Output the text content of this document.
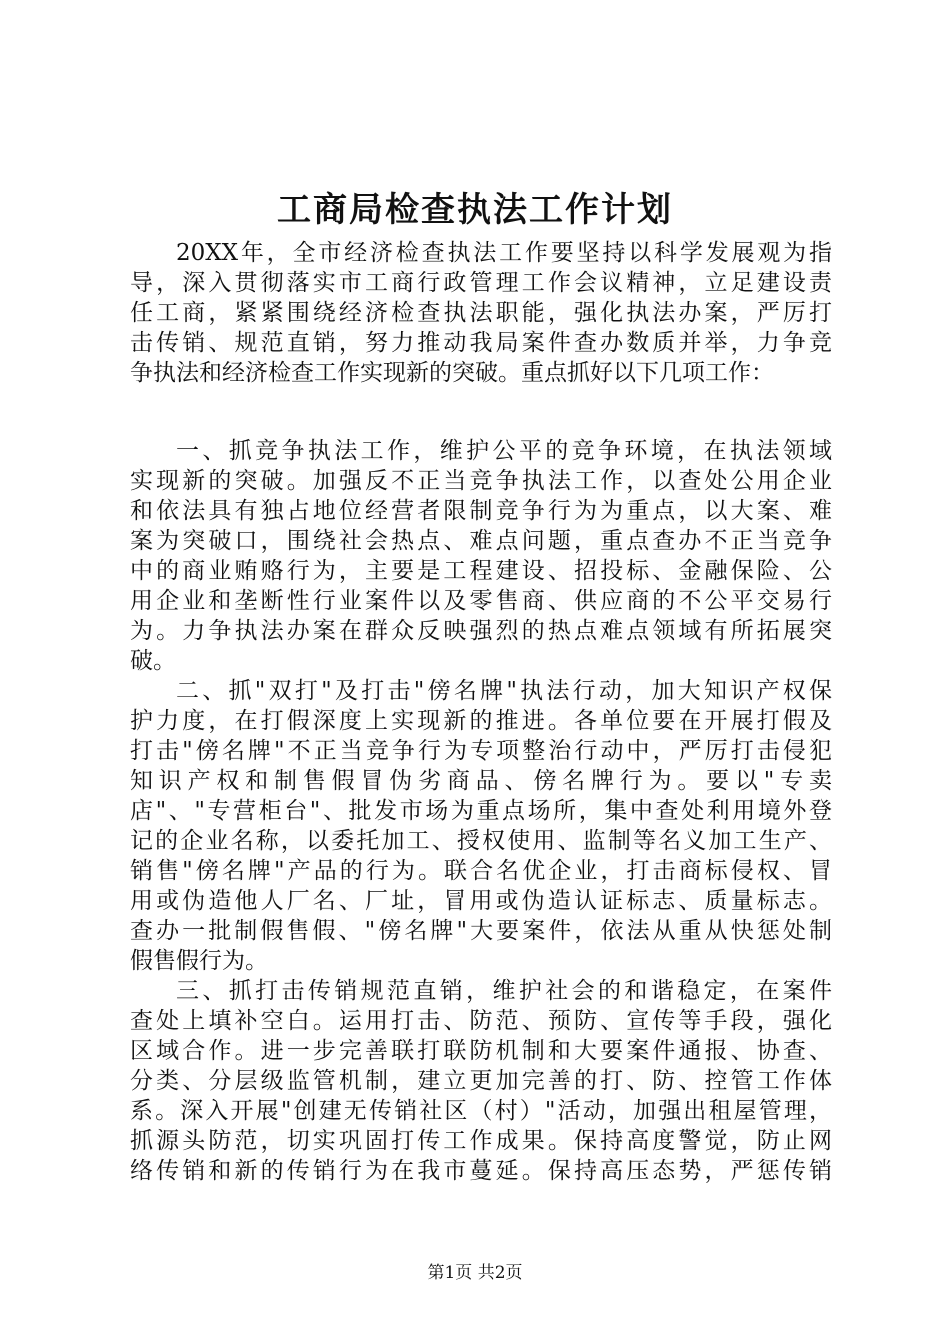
工商局检查执法工作计划
20XX年，全市经济检查执法工作要坚持以科学发展观为指
导，深入贯彻落实市工商行政管理工作会议精神，立足建设责
任工商，紧紧围绕经济检查执法职能，强化执法办案，严厉打
击传销、规范直销，努力推动我局案件查办数质并举，力争竞
争执法和经济检查工作实现新的突破。重点抓好以下几项工作：
一、抓竞争执法工作，维护公平的竞争环境，在执法领域
实现新的突破。加强反不正当竞争执法工作，以查处公用企业
和依法具有独占地位经营者限制竞争行为为重点，以大案、难
案为突破口，围绕社会热点、难点问题，重点查办不正当竞争
中的商业贿赂行为，主要是工程建设、招投标、金融保险、公
用企业和垄断性行业案件以及零售商、供应商的不公平交易行
为。力争执法办案在群众反映强烈的热点难点领域有所拓展突
破。
二、抓"双打"及打击"傍名牌"执法行动，加大知识产权保
护力度，在打假深度上实现新的推进。各单位要在开展打假及
打击"傍名牌"不正当竞争行为专项整治行动中，严厉打击侵犯
知识产权和制售假冒伪劣商品、傍名牌行为。要以"专卖
店"、"专营柜台"、批发市场为重点场所，集中查处利用境外登
记的企业名称，以委托加工、授权使用、监制等名义加工生产、
销售"傍名牌"产品的行为。联合名优企业，打击商标侵权、冒
用或伪造他人厂名、厂址，冒用或伪造认证标志、质量标志。
查办一批制假售假、"傍名牌"大要案件，依法从重从快惩处制
假售假行为。
三、抓打击传销规范直销，维护社会的和谐稳定，在案件
查处上填补空白。运用打击、防范、预防、宣传等手段，强化
区域合作。进一步完善联打联防机制和大要案件通报、协查、
分类、分层级监管机制，建立更加完善的打、防、控管工作体
系。深入开展"创建无传销社区（村）"活动，加强出租屋管理，
抓源头防范，切实巩固打传工作成果。保持高度警觉，防止网
络传销和新的传销行为在我市蔓延。保持高压态势，严惩传销
第1页 共2页
